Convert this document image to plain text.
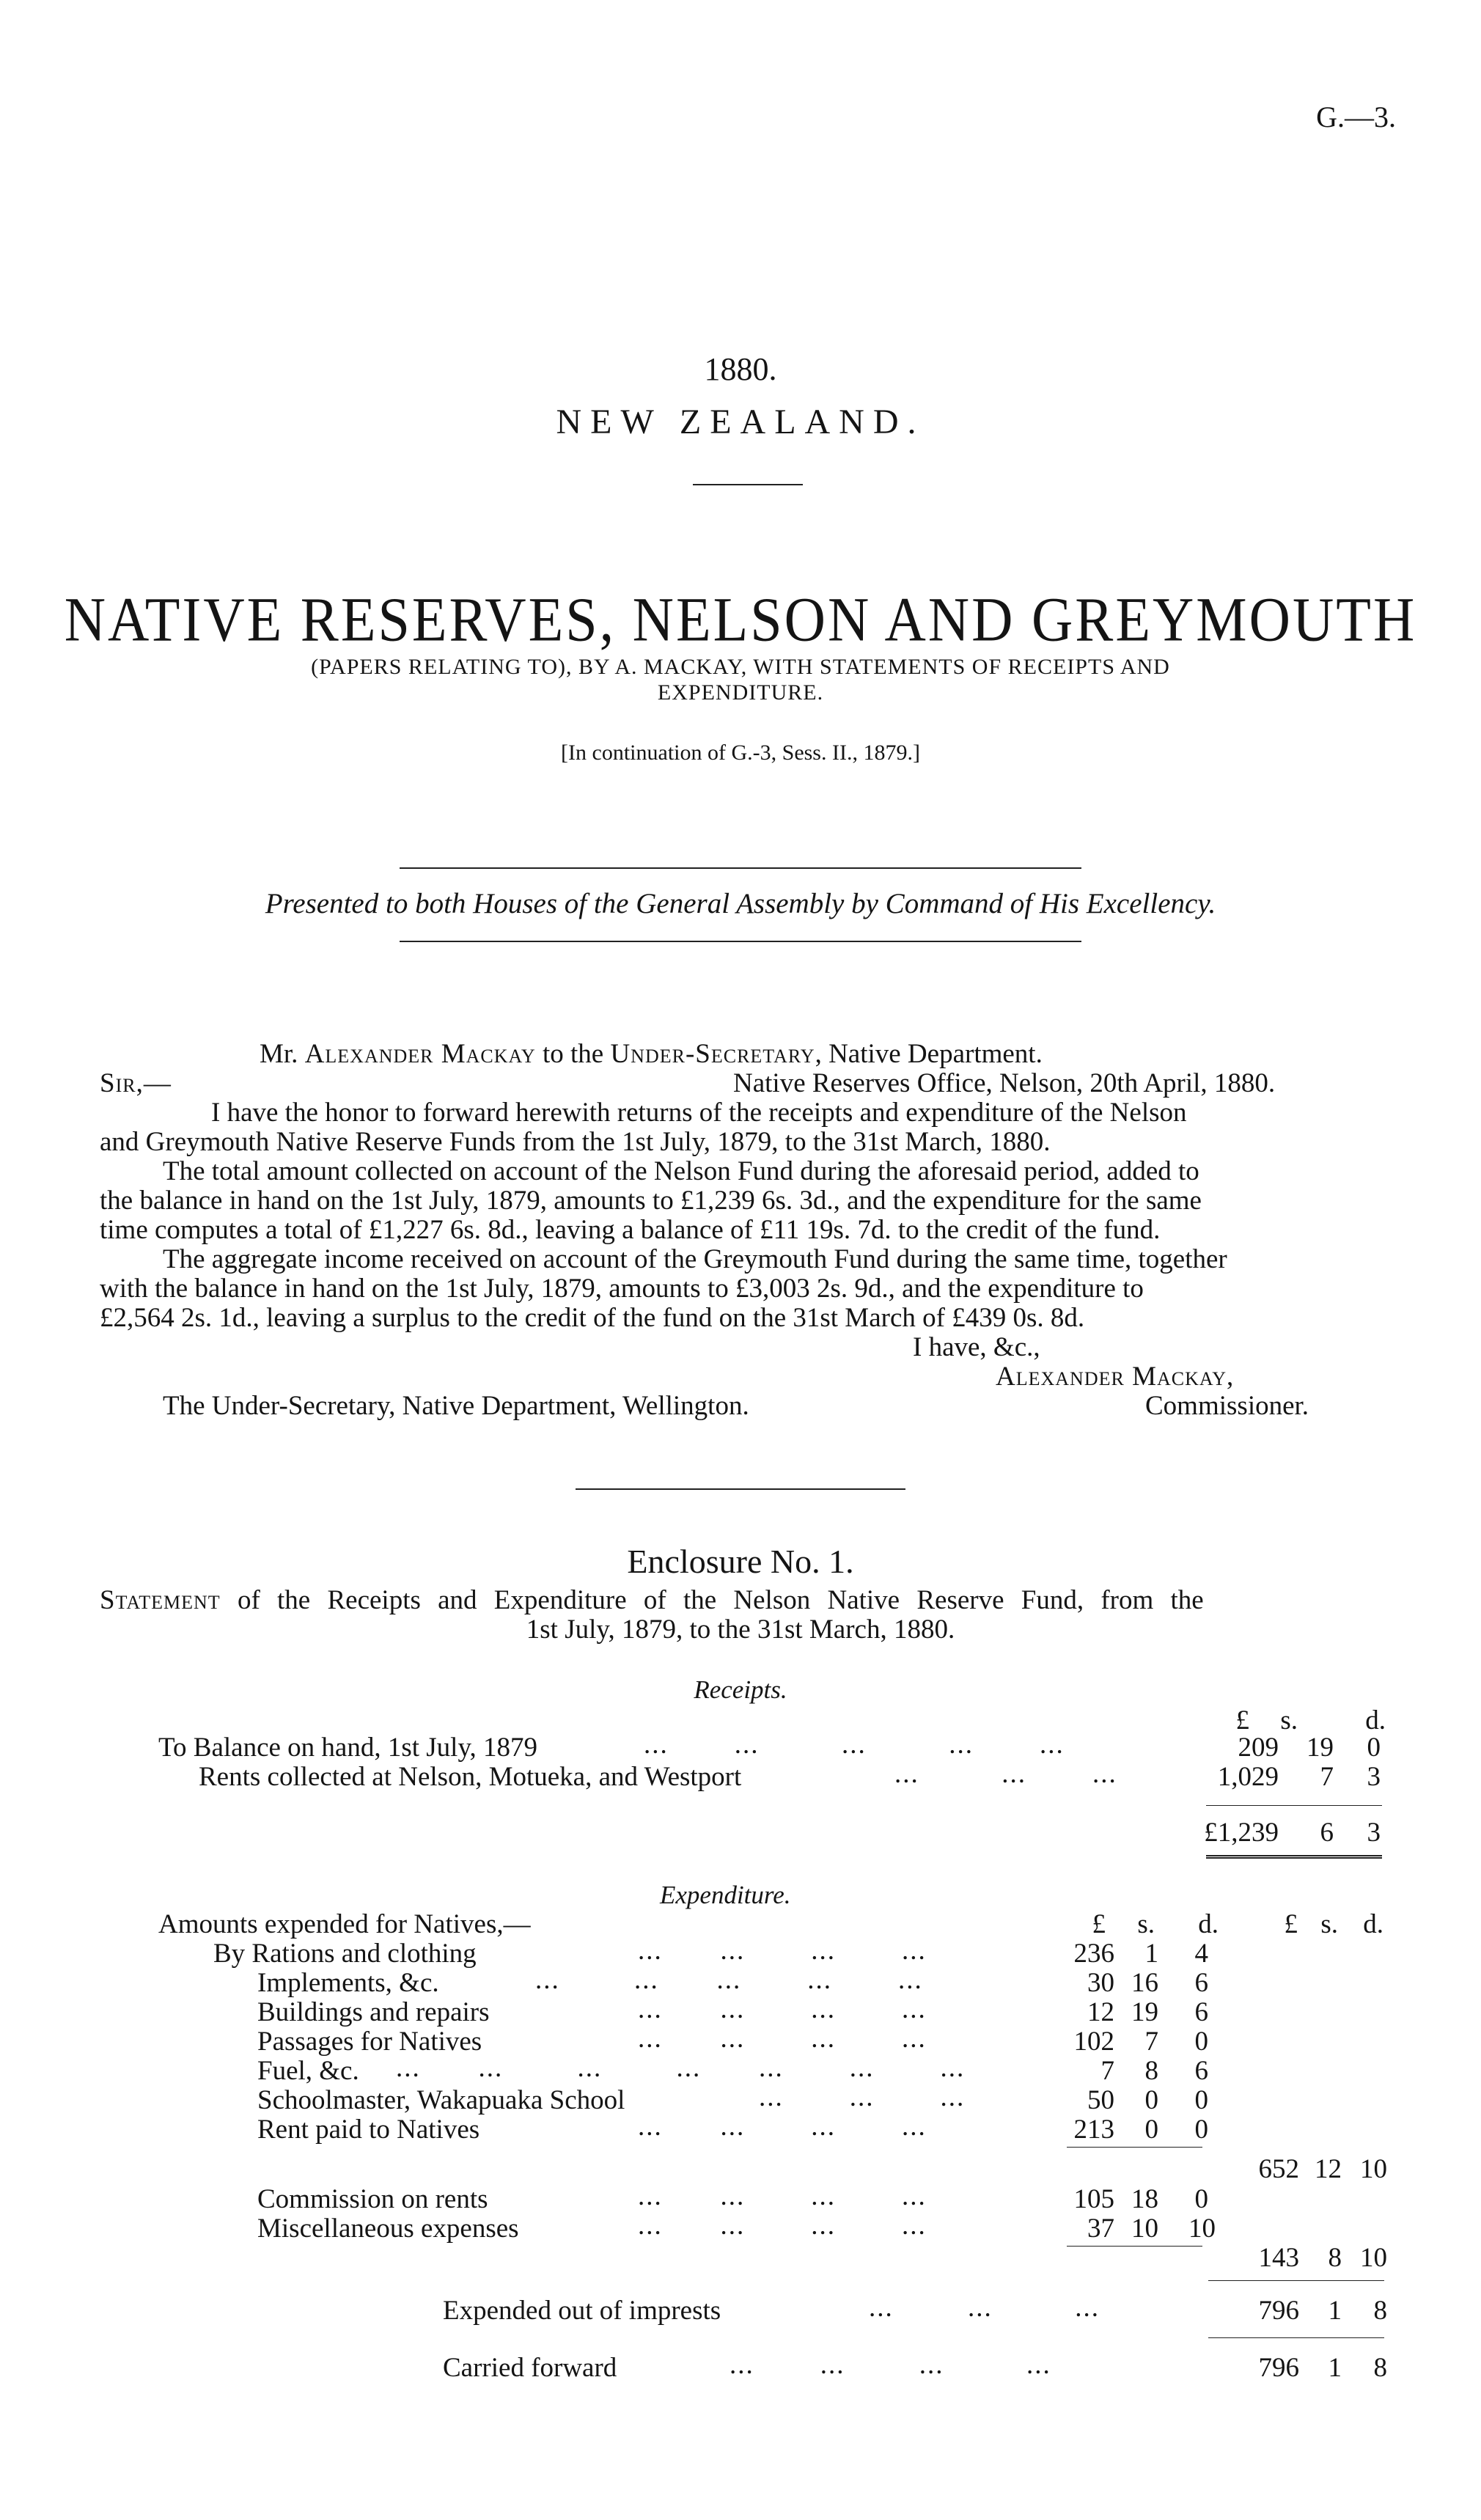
G.—3.
1880.
NEW ZEALAND.
NATIVE RESERVES, NELSON AND GREYMOUTH
(PAPERS RELATING TO), BY A. MACKAY, WITH STATEMENTS OF RECEIPTS AND
EXPENDITURE.
[In continuation of G.-3, Sess. II., 1879.]
Presented to both Houses of the General Assembly by Command of His Excellency.
Mr. Alexander Mackay to the Under-Secretary, Native Department.
Sir,—	Native Reserves Office, Nelson, 20th April, 1880.
I have the honor to forward herewith returns of the receipts and expenditure of the Nelson
and Greymouth Native Reserve Funds from the 1st July, 1879, to the 31st March, 1880.
The total amount collected on account of the Nelson Fund during the aforesaid period, added to
the balance in hand on the 1st July, 1879, amounts to £1,239 6s. 3d., and the expenditure for the same
time computes a total of £1,227 6s. 8d., leaving a balance of £11 19s. 7d. to the credit of the fund.
The aggregate income received on account of the Greymouth Fund during the same time, together
with the balance in hand on the 1st July, 1879, amounts to £3,003 2s. 9d., and the expenditure to
£2,564 2s. 1d., leaving a surplus to the credit of the fund on the 31st March of £439 0s. 8d.
I have, &c.,
Alexander Mackay,
The Under-Secretary, Native Department, Wellington.	Commissioner.
Enclosure No. 1.
Statement of the Receipts and Expenditure of the Nelson Native Reserve Fund, from the
1st July, 1879, to the 31st March, 1880.
Receipts.
£	s.	d.
To Balance on hand, 1st July, 1879	...        ...          ...          ...        ...	209	19	0
Rents collected at Nelson, Motueka, and Westport	...          ...        ...	1,029	7	3
£1,239	6	3
Expenditure.
Amounts expended for Natives,—	£	s.	d.	£ s. d.
By Rations and clothing	...       ...        ...        ...	236	1	4
Implements, &c.	...         ...       ...        ...        ...	30 16	6
Buildings and repairs	...       ...        ...        ...	12 19	6
Passages for Natives	...       ...        ...        ...	102	7	0
Fuel, &c. ...       ...         ...         ...       ...        ...        ...	7	8	6
Schoolmaster, Wakapuaka School	...        ...        ...	50	0	0
Rent paid to Natives	...       ...        ...        ...	213	0	0
652 12 10
Commission on rents	...       ...        ...        ...	105 18	0
Miscellaneous expenses	...       ...        ...        ...	37 10	10
143	8 10
Expended out of imprests	...         ...          ...	796	1	8
Carried forward	...        ...         ...          ...	796	1	8
